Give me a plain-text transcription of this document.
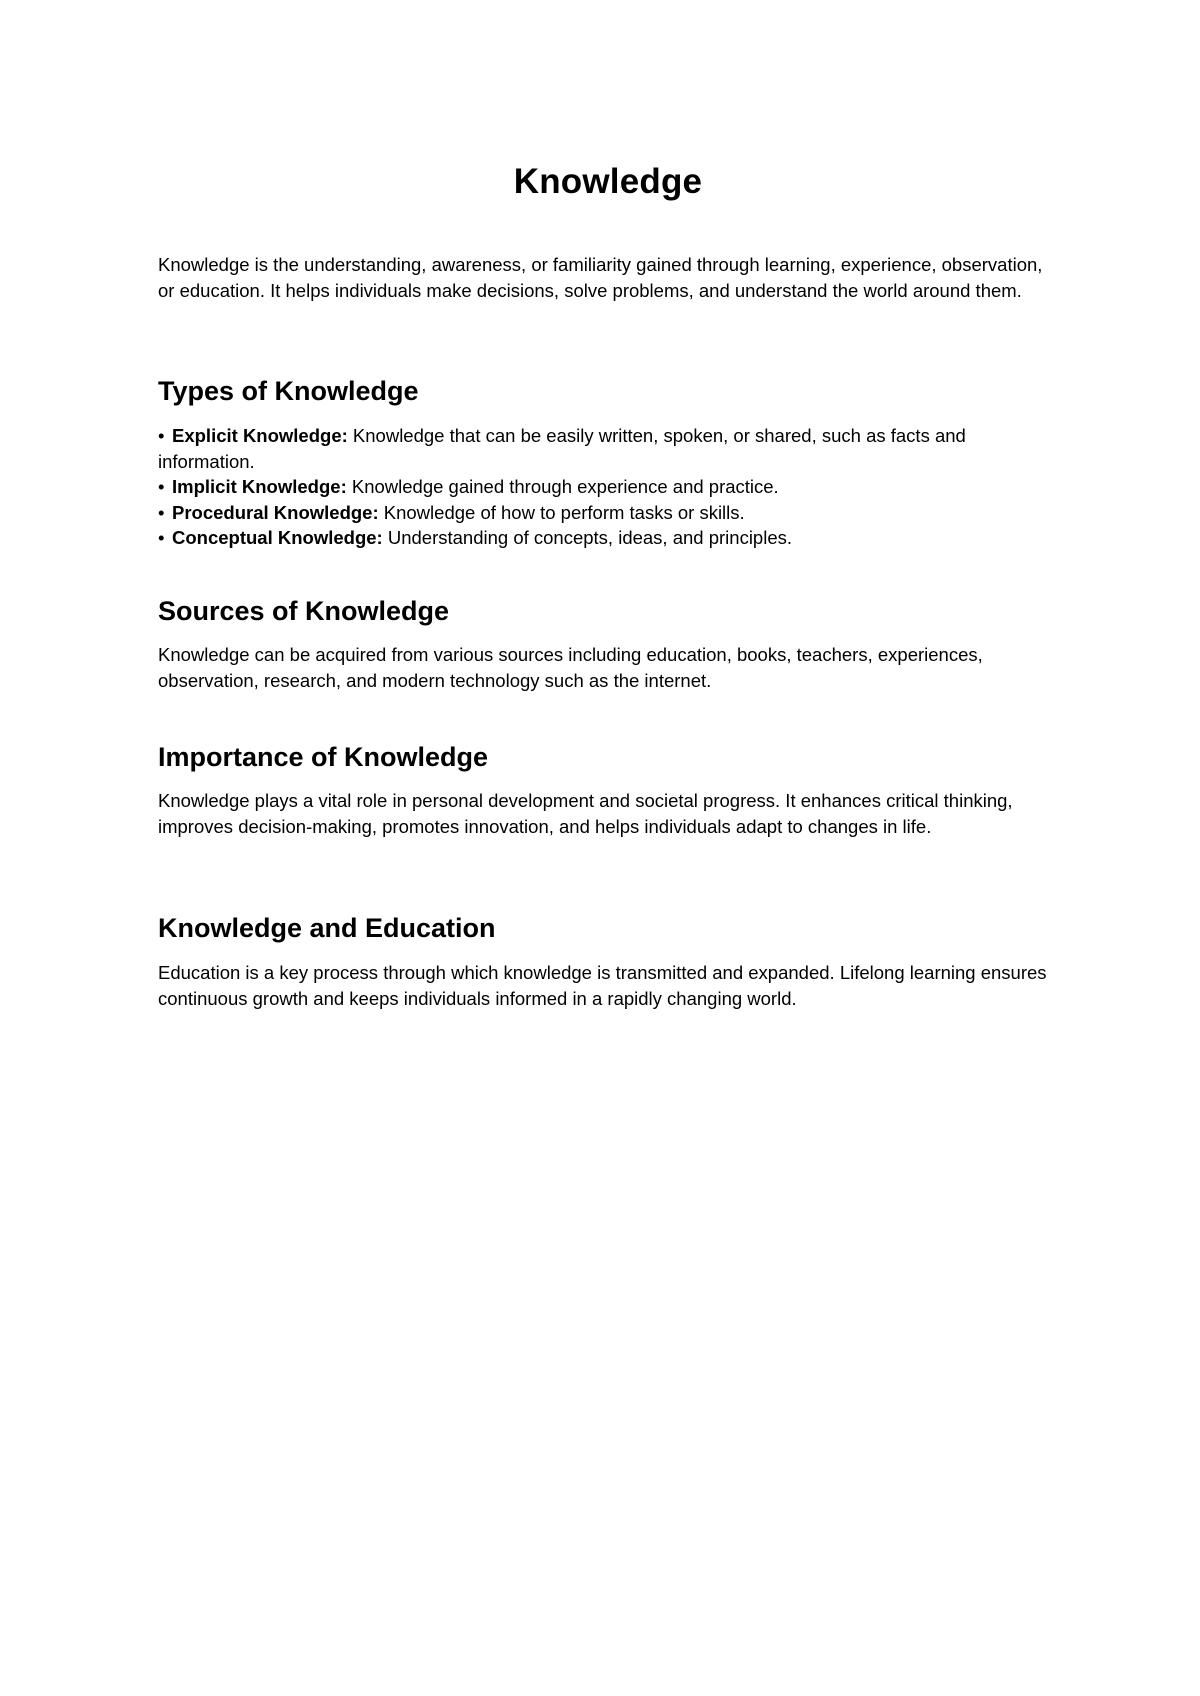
Knowledge

Knowledge is the understanding, awareness, or familiarity gained through learning, experience, observation, or education. It helps individuals make decisions, solve problems, and understand the world around them.

Types of Knowledge
• Explicit Knowledge: Knowledge that can be easily written, spoken, or shared, such as facts and information.
• Implicit Knowledge: Knowledge gained through experience and practice.
• Procedural Knowledge: Knowledge of how to perform tasks or skills.
• Conceptual Knowledge: Understanding of concepts, ideas, and principles.
Sources of Knowledge

Knowledge can be acquired from various sources including education, books, teachers, experiences, observation, research, and modern technology such as the internet.

Importance of Knowledge

Knowledge plays a vital role in personal development and societal progress. It enhances critical thinking, improves decision-making, promotes innovation, and helps individuals adapt to changes in life.

Knowledge and Education

Education is a key process through which knowledge is transmitted and expanded. Lifelong learning ensures continuous growth and keeps individuals informed in a rapidly changing world.
